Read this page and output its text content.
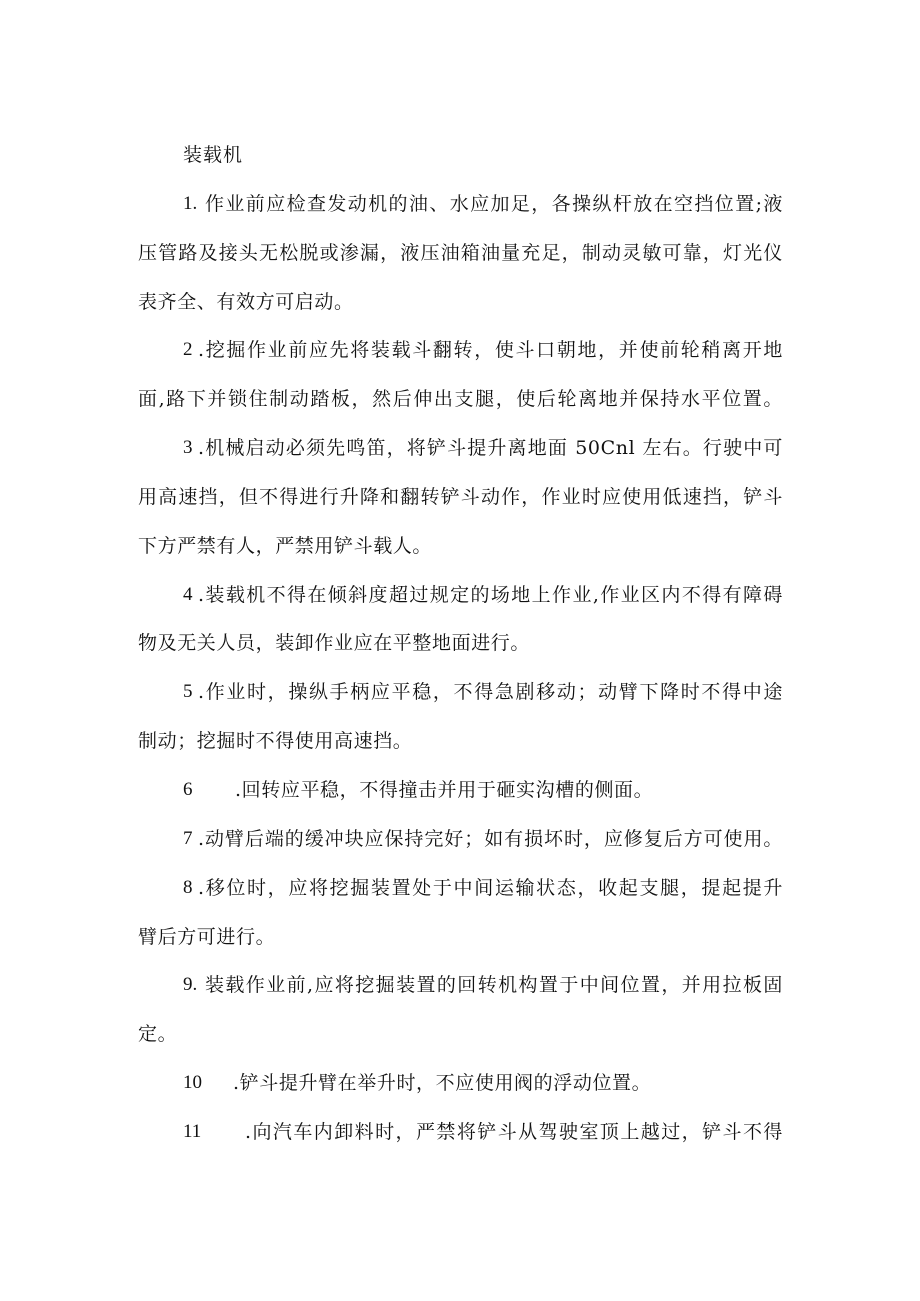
装载机
1. 作业前应检查发动机的油、水应加足，各操纵杆放在空挡位置;液
压管路及接头无松脱或渗漏，液压油箱油量充足，制动灵敏可靠，灯光仪
表齐全、有效方可启动。
2 .挖掘作业前应先将装载斗翻转，使斗口朝地，并使前轮稍离开地
面,路下并锁住制动踏板，然后伸出支腿，使后轮离地并保持水平位置。
3 .机械启动必须先鸣笛，将铲斗提升离地面 50Cnl 左右。行驶中可
用高速挡，但不得进行升降和翻转铲斗动作，作业时应使用低速挡，铲斗
下方严禁有人，严禁用铲斗载人。
4 .装载机不得在倾斜度超过规定的场地上作业,作业区内不得有障碍
物及无关人员，装卸作业应在平整地面进行。
5 .作业时，操纵手柄应平稳，不得急剧移动；动臂下降时不得中途
制动；挖掘时不得使用高速挡。
6	.回转应平稳，不得撞击并用于砸实沟槽的侧面。
7 .动臂后端的缓冲块应保持完好；如有损坏时，应修复后方可使用。
8 .移位时，应将挖掘装置处于中间运输状态，收起支腿，提起提升
臂后方可进行。
9. 装载作业前,应将挖掘装置的回转机构置于中间位置，并用拉板固
定。
10	.铲斗提升臂在举升时，不应使用阀的浮动位置。
11	.向汽车内卸料时，严禁将铲斗从驾驶室顶上越过，铲斗不得
